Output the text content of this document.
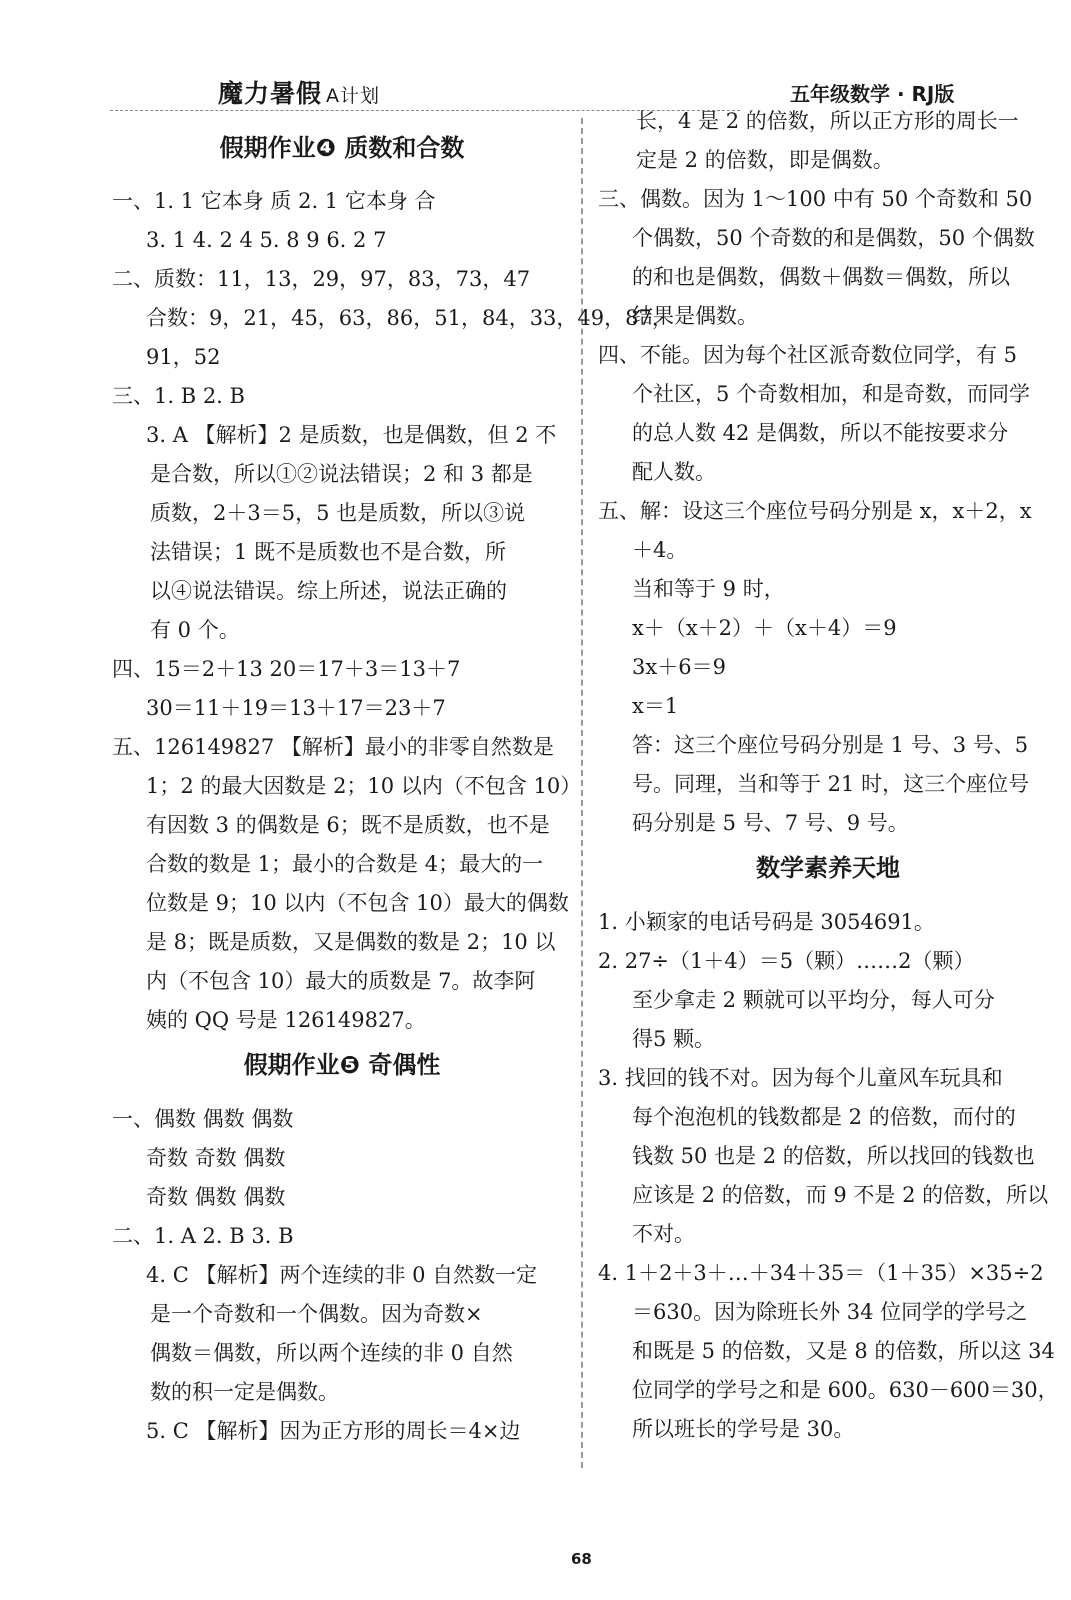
魔力暑假 A计划	五年级数学 · RJ版
假期作业❹ 质数和合数
一、1. 1 它本身 质 2. 1 它本身 合
3. 1 4. 2 4 5. 8 9 6. 2 7
二、质数：11，13，29，97，83，73，47
合数：9，21，45，63，86，51，84，33，49，87，
91，52
三、1. B 2. B
3. A 【解析】2 是质数，也是偶数，但 2 不
是合数，所以①②说法错误；2 和 3 都是
质数，2＋3＝5，5 也是质数，所以③说
法错误；1 既不是质数也不是合数，所
以④说法错误。综上所述，说法正确的
有 0 个。
四、15＝2＋13 20＝17＋3＝13＋7
30＝11＋19＝13＋17＝23＋7
五、126149827 【解析】最小的非零自然数是
1；2 的最大因数是 2；10 以内（不包含 10）
有因数 3 的偶数是 6；既不是质数，也不是
合数的数是 1；最小的合数是 4；最大的一
位数是 9；10 以内（不包含 10）最大的偶数
是 8；既是质数，又是偶数的数是 2；10 以
内（不包含 10）最大的质数是 7。故李阿
姨的 QQ 号是 126149827。
假期作业❺ 奇偶性
一、偶数 偶数 偶数
奇数 奇数 偶数
奇数 偶数 偶数
二、1. A 2. B 3. B
4. C 【解析】两个连续的非 0 自然数一定
是一个奇数和一个偶数。因为奇数×
偶数＝偶数，所以两个连续的非 0 自然
数的积一定是偶数。
5. C 【解析】因为正方形的周长＝4×边
长，4 是 2 的倍数，所以正方形的周长一
定是 2 的倍数，即是偶数。
三、偶数。因为 1～100 中有 50 个奇数和 50
个偶数，50 个奇数的和是偶数，50 个偶数
的和也是偶数，偶数＋偶数＝偶数，所以
结果是偶数。
四、不能。因为每个社区派奇数位同学，有 5
个社区，5 个奇数相加，和是奇数，而同学
的总人数 42 是偶数，所以不能按要求分
配人数。
五、解：设这三个座位号码分别是 x，x＋2，x
＋4。
当和等于 9 时，
x＋（x＋2）＋（x＋4）＝9
3x＋6＝9
x＝1
答：这三个座位号码分别是 1 号、3 号、5
号。同理，当和等于 21 时，这三个座位号
码分别是 5 号、7 号、9 号。
数学素养天地
1. 小颖家的电话号码是 3054691。
2. 27÷（1＋4）＝5（颗）……2（颗）
至少拿走 2 颗就可以平均分，每人可分
得5 颗。
3. 找回的钱不对。因为每个儿童风车玩具和
每个泡泡机的钱数都是 2 的倍数，而付的
钱数 50 也是 2 的倍数，所以找回的钱数也
应该是 2 的倍数，而 9 不是 2 的倍数，所以
不对。
4. 1＋2＋3＋…＋34＋35＝（1＋35）×35÷2
＝630。因为除班长外 34 位同学的学号之
和既是 5 的倍数，又是 8 的倍数，所以这 34
位同学的学号之和是 600。630－600＝30，
所以班长的学号是 30。
68
